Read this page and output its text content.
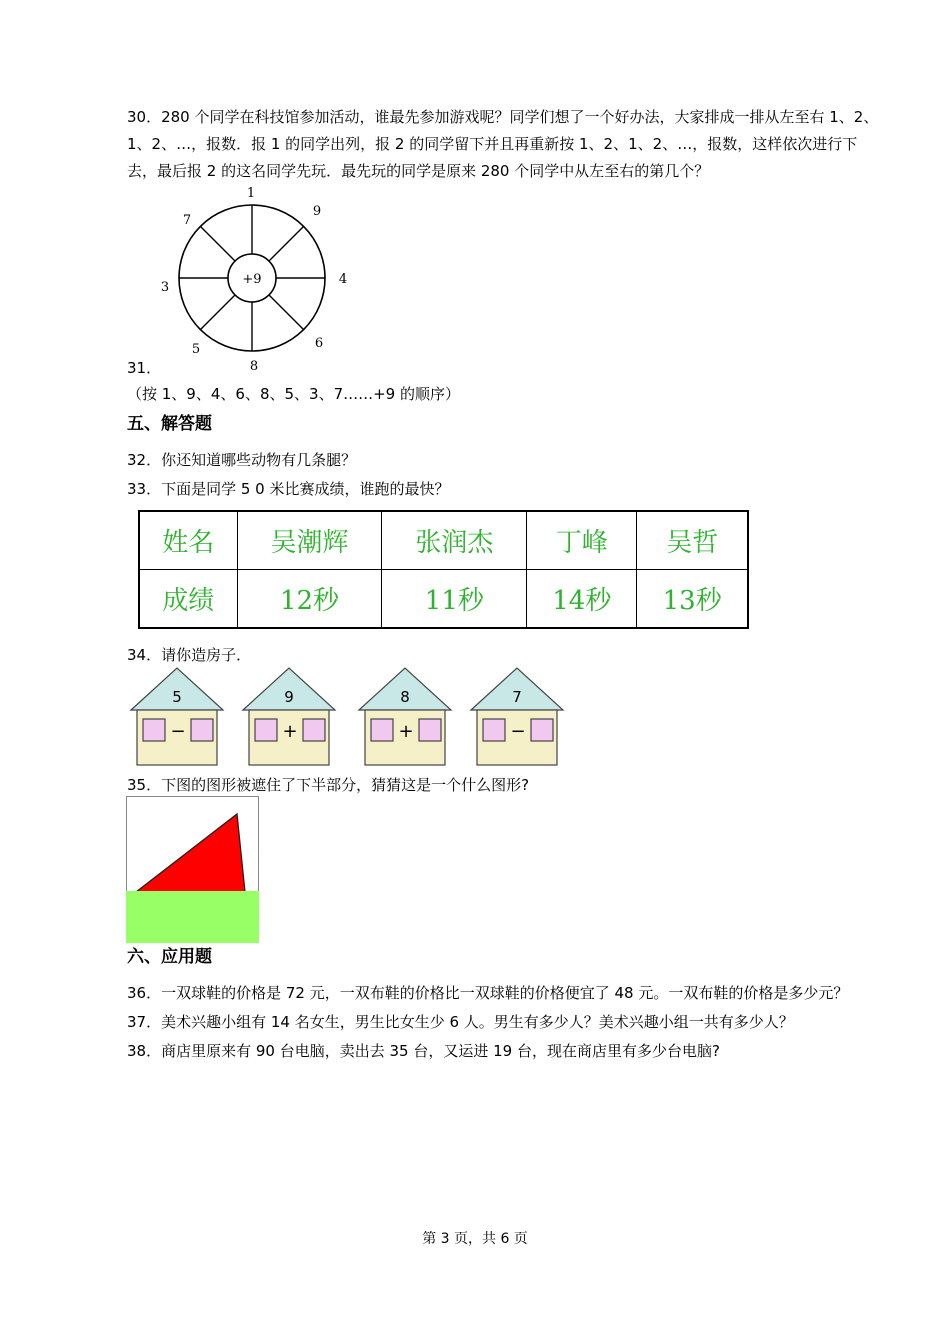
30．280 个同学在科技馆参加活动，谁最先参加游戏呢？同学们想了一个好办法，大家排成一排从左至右 1、2、
1、2、…，报数．报 1 的同学出列，报 2 的同学留下并且再重新按 1、2、1、2、…，报数，这样依次进行下
去，最后报 2 的这名同学先玩．最先玩的同学是原来 280 个同学中从左至右的第几个？
+9
1
9
4
6
8
5
3
7
31．
（按 1、9、4、6、8、5、3、7……+9 的顺序）
五、解答题
32．你还知道哪些动物有几条腿？
33．下面是同学 5 0 米比赛成绩，谁跑的最快？
姓名	吴潮辉	张润杰	丁峰	吴哲
成绩	12秒	11秒	14秒	13秒
34．请你造房子．
5
−
9
+
8
+
7
−
35．下图的图形被遮住了下半部分，猜猜这是一个什么图形?
六、应用题
36．一双球鞋的价格是 72 元，一双布鞋的价格比一双球鞋的价格便宜了 48 元。一双布鞋的价格是多少元？
37．美术兴趣小组有 14 名女生，男生比女生少 6 人。男生有多少人？美术兴趣小组一共有多少人？
38．商店里原来有 90 台电脑，卖出去 35 台，又运进 19 台，现在商店里有多少台电脑?
第 3 页，共 6 页
